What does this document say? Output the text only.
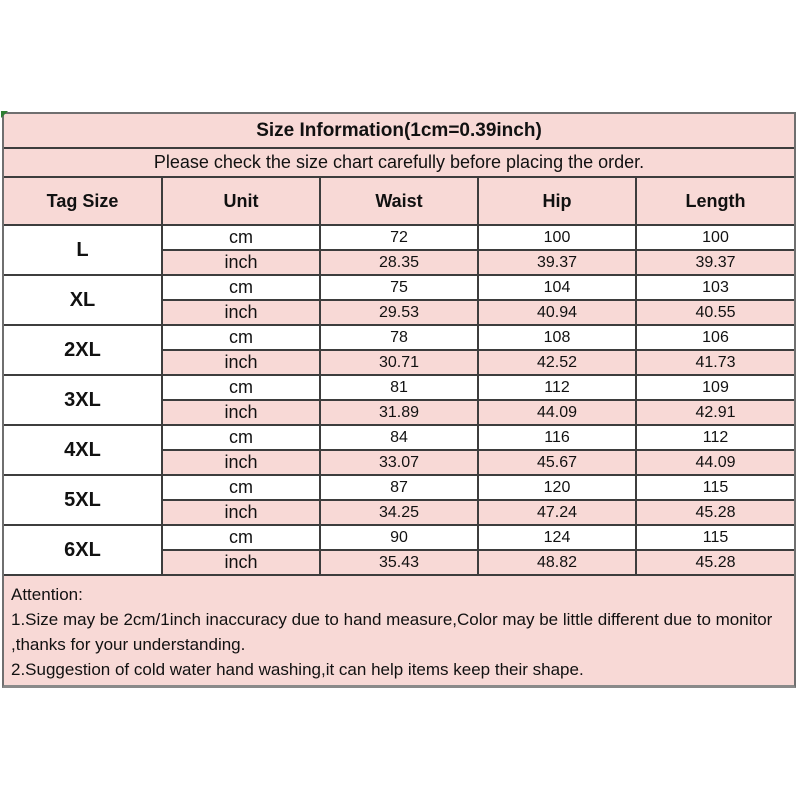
Size Information(1cm=0.39inch)				
Please check the size chart carefully before placing the order.				
Tag Size	Unit	Waist	Hip	Length
L	cm	72	100	100
	inch	28.35	39.37	39.37
XL	cm	75	104	103
	inch	29.53	40.94	40.55
2XL	cm	78	108	106
	inch	30.71	42.52	41.73
3XL	cm	81	112	109
	inch	31.89	44.09	42.91
4XL	cm	84	116	112
	inch	33.07	45.67	44.09
5XL	cm	87	120	115
	inch	34.25	47.24	45.28
6XL	cm	90	124	115
	inch	35.43	48.82	45.28

Attention:
1.Size may be 2cm/1inch inaccuracy due to hand measure,Color may be little different due to monitor
,thanks for your understanding.
2.Suggestion of cold water hand washing,it can help items keep their shape.				
